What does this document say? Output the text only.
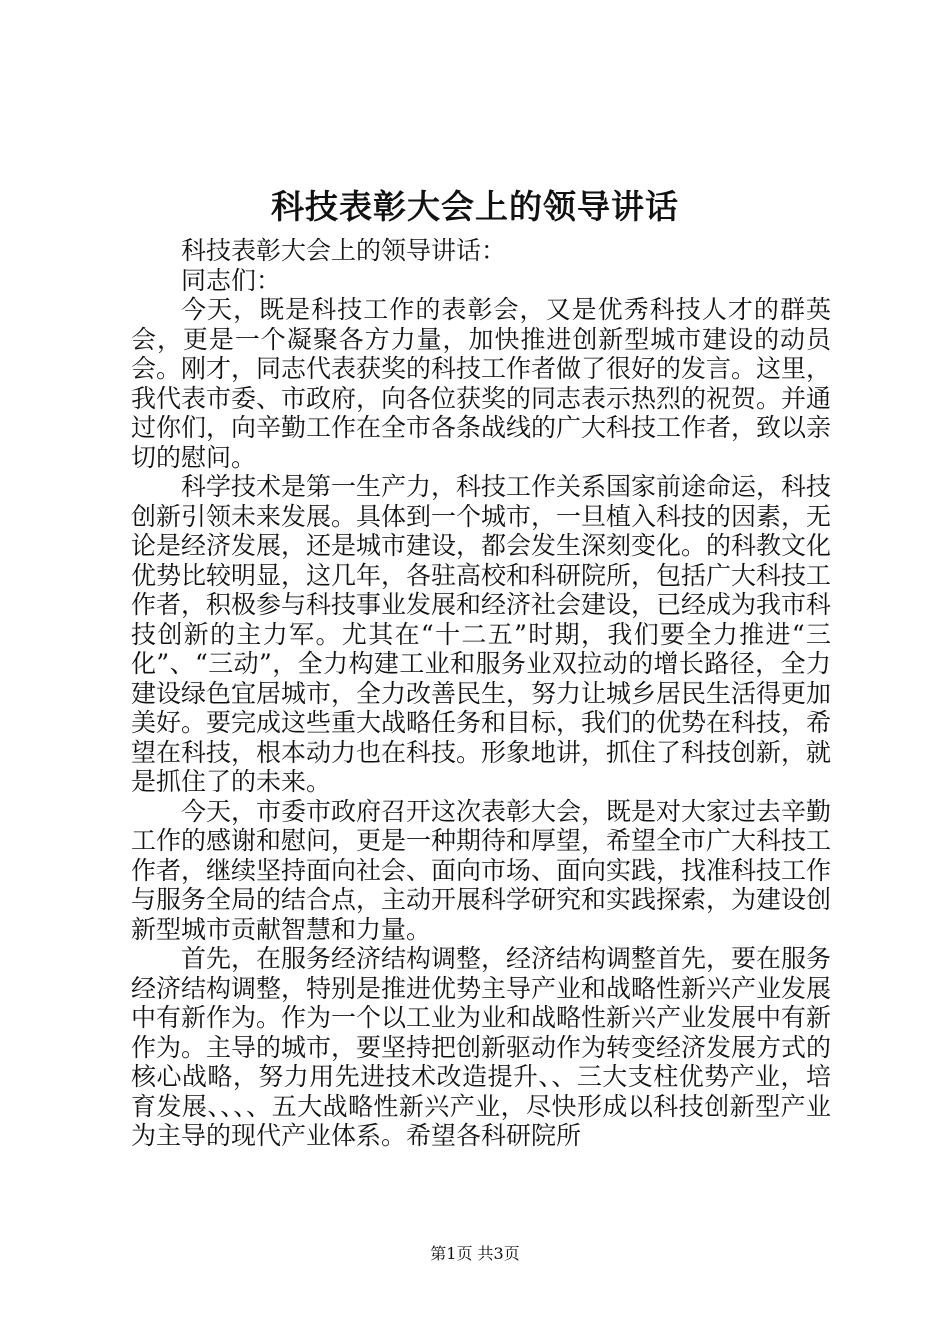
科技表彰大会上的领导讲话

科技表彰大会上的领导讲话：

同志们：

今天，既是科技工作的表彰会，又是优秀科技人才的群英会，更是一个凝聚各方力量，加快推进创新型城市建设的动员会。刚才，同志代表获奖的科技工作者做了很好的发言。这里，我代表市委、市政府，向各位获奖的同志表示热烈的祝贺。并通过你们，向辛勤工作在全市各条战线的广大科技工作者，致以亲切的慰问。

科学技术是第一生产力，科技工作关系国家前途命运，科技创新引领未来发展。具体到一个城市，一旦植入科技的因素，无论是经济发展，还是城市建设，都会发生深刻变化。的科教文化优势比较明显，这几年，各驻高校和科研院所，包括广大科技工作者，积极参与科技事业发展和经济社会建设，已经成为我市科技创新的主力军。尤其在“十二五”时期，我们要全力推进“三化”、“三动”，全力构建工业和服务业双拉动的增长路径，全力建设绿色宜居城市，全力改善民生，努力让城乡居民生活得更加美好。要完成这些重大战略任务和目标，我们的优势在科技，希望在科技，根本动力也在科技。形象地讲，抓住了科技创新，就是抓住了的未来。

今天，市委市政府召开这次表彰大会，既是对大家过去辛勤工作的感谢和慰问，更是一种期待和厚望，希望全市广大科技工作者，继续坚持面向社会、面向市场、面向实践，找准科技工作与服务全局的结合点，主动开展科学研究和实践探索，为建设创新型城市贡献智慧和力量。

首先，在服务经济结构调整，经济结构调整首先，要在服务经济结构调整，特别是推进优势主导产业和战略性新兴产业发展中有新作为。作为一个以工业为业和战略性新兴产业发展中有新作为。主导的城市，要坚持把创新驱动作为转变经济发展方式的核心战略，努力用先进技术改造提升、、三大支柱优势产业，培育发展、、、、五大战略性新兴产业，尽快形成以科技创新型产业为主导的现代产业体系。希望各科研院所

第1页 共3页
